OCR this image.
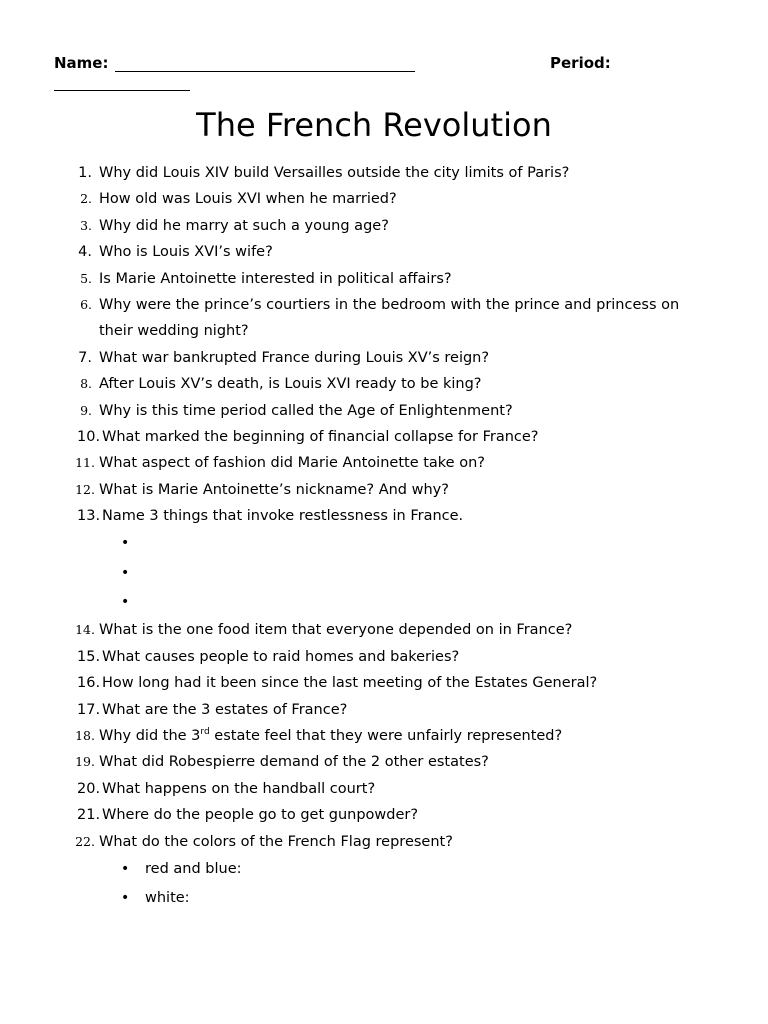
Name:	Period:
The French Revolution
1. Why did Louis XIV build Versailles outside the city limits of Paris?
2. How old was Louis XVI when he married?
3. Why did he marry at such a young age?
4. Who is Louis XVI’s wife?
5. Is Marie Antoinette interested in political affairs?
6. Why were the prince’s courtiers in the bedroom with the prince and princess on their wedding night?
7. What war bankrupted France during Louis XV’s reign?
8. After Louis XV’s death, is Louis XVI ready to be king?
9. Why is this time period called the Age of Enlightenment?
10. What marked the beginning of financial collapse for France?
11. What aspect of fashion did Marie Antoinette take on?
12. What is Marie Antoinette’s nickname? And why?
13. Name 3 things that invoke restlessness in France.
•
•
•
14. What is the one food item that everyone depended on in France?
15. What causes people to raid homes and bakeries?
16. How long had it been since the last meeting of the Estates General?
17. What are the 3 estates of France?
18. Why did the 3rd estate feel that they were unfairly represented?
19. What did Robespierre demand of the 2 other estates?
20. What happens on the handball court?
21. Where do the people go to get gunpowder?
22. What do the colors of the French Flag represent?
• red and blue:
• white:
